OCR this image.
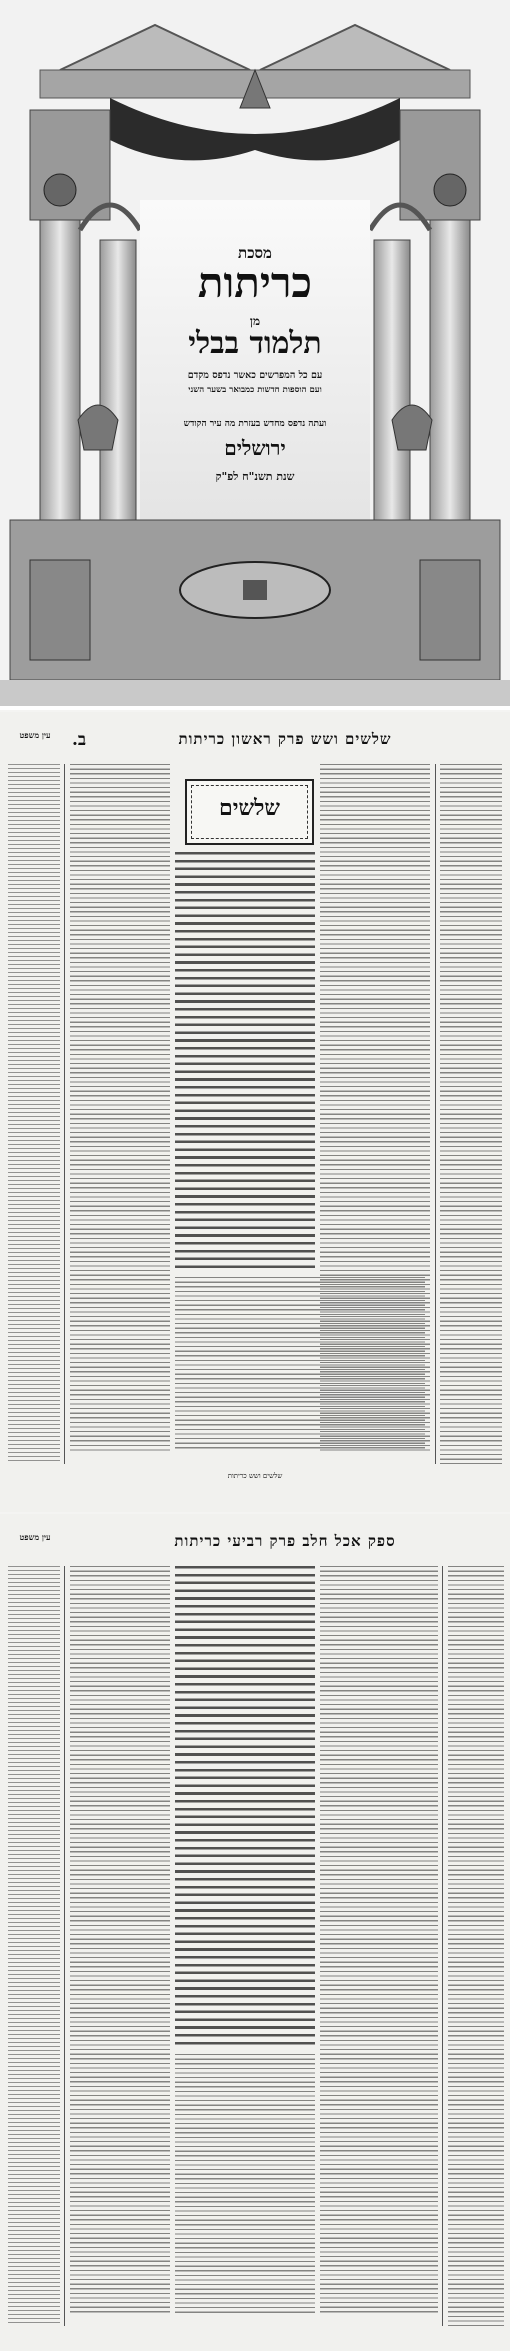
מסכת
כריתות
מן
תלמוד בבלי
עם כל המפרשים כאשר נדפס מקדם
ועם הוספות חדשות כמבואר בשער השני
ועתה נדפס מחדש בעזרת מה עיר הקודש
ירושלים
שנת תשנ"ח לפ"ק
שלשים ושש פרק ראשון כריתות
ב.
עין משפט
שלשים
שלשים ושש כריתות
ספק אכל חלב פרק רביעי כריתות
עין משפט
